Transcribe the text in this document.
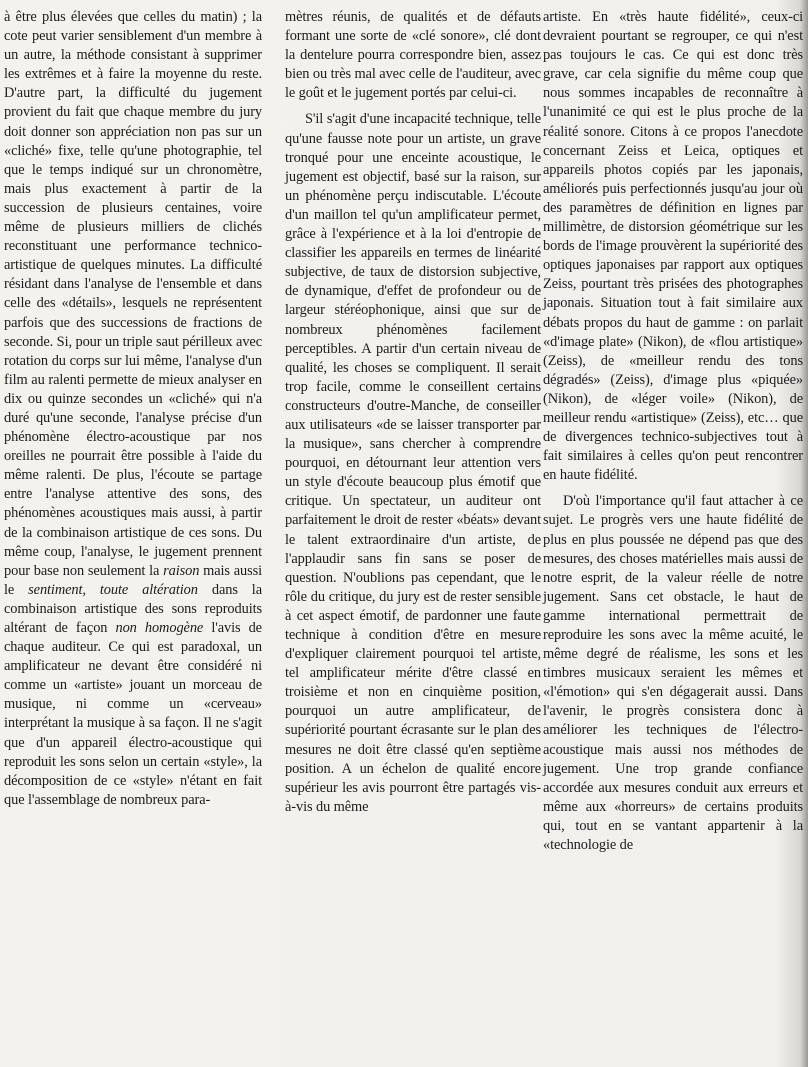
à être plus élevées que celles du matin) ; la cote peut varier sensiblement d'un membre à un autre, la méthode consistant à supprimer les extrêmes et à faire la moyenne du reste. D'autre part, la difficulté du jugement provient du fait que chaque membre du jury doit donner son appréciation non pas sur un «cliché» fixe, telle qu'une photographie, tel que le temps indiqué sur un chronomètre, mais plus exactement à partir de la succession de plusieurs centaines, voire même de plusieurs milliers de clichés reconstituant une performance technico-artistique de quelques minutes. La difficulté résidant dans l'analyse de l'ensemble et dans celle des «détails», lesquels ne représentent parfois que des successions de fractions de seconde. Si, pour un triple saut périlleux avec rotation du corps sur lui même, l'analyse d'un film au ralenti permette de mieux analyser en dix ou quinze secondes un «cliché» qui n'a duré qu'une seconde, l'analyse précise d'un phénomène électro-acoustique par nos oreilles ne pourrait être possible à l'aide du même ralenti. De plus, l'écoute se partage entre l'analyse attentive des sons, des phénomènes acoustiques mais aussi, à partir de la combinaison artistique de ces sons. Du même coup, l'analyse, le jugement prennent pour base non seulement la raison mais aussi le sentiment, toute altération dans la combinaison artistique des sons reproduits altérant de façon non homogène l'avis de chaque auditeur. Ce qui est paradoxal, un amplificateur ne devant être considéré ni comme un «artiste» jouant un morceau de musique, ni comme un «cerveau» interprétant la musique à sa façon. Il ne s'agit que d'un appareil électro-acoustique qui reproduit les sons selon un certain «style», la décomposition de ce «style» n'étant en fait que l'assemblage de nombreux para-

mètres réunis, de qualités et de défauts formant une sorte de «clé sonore», clé dont la dentelure pourra correspondre bien, assez bien ou très mal avec celle de l'auditeur, avec le goût et le jugement portés par celui-ci.

S'il s'agit d'une incapacité technique, telle qu'une fausse note pour un artiste, un grave tronqué pour une enceinte acoustique, le jugement est objectif, basé sur la raison, sur un phénomène perçu indiscutable. L'écoute d'un maillon tel qu'un amplificateur permet, grâce à l'expérience et à la loi d'entropie de classifier les appareils en termes de linéarité subjective, de taux de distorsion subjective, de dynamique, d'effet de profondeur ou de largeur stéréophonique, ainsi que sur de nombreux phénomènes facilement perceptibles. A partir d'un certain niveau de qualité, les choses se compliquent. Il serait trop facile, comme le conseillent certains constructeurs d'outre-Manche, de conseiller aux utilisateurs «de se laisser transporter par la musique», sans chercher à comprendre pourquoi, en détournant leur attention vers un style d'écoute beaucoup plus émotif que critique. Un spectateur, un auditeur ont parfaitement le droit de rester «béats» devant le talent extraordinaire d'un artiste, de l'applaudir sans fin sans se poser de question. N'oublions pas cependant, que le rôle du critique, du jury est de rester sensible à cet aspect émotif, de pardonner une faute technique à condition d'être en mesure d'expliquer clairement pourquoi tel artiste, tel amplificateur mérite d'être classé en troisième et non en cinquième position, pourquoi un autre amplificateur, de supériorité pourtant écrasante sur le plan des mesures ne doit être classé qu'en septième position. A un échelon de qualité encore supérieur les avis pourront être partagés vis-à-vis du même

artiste. En «très haute fidélité», ceux-ci devraient pourtant se regrouper, ce qui n'est pas toujours le cas. Ce qui est donc très grave, car cela signifie du même coup que nous sommes incapables de reconnaître à l'unanimité ce qui est le plus proche de la réalité sonore. Citons à ce propos l'anecdote concernant Zeiss et Leica, optiques et appareils photos copiés par les japonais, améliorés puis perfectionnés jusqu'au jour où des paramètres de définition en lignes par millimètre, de distorsion géométrique sur les bords de l'image prouvèrent la supériorité des optiques japonaises par rapport aux optiques Zeiss, pourtant très prisées des photographes japonais. Situation tout à fait similaire aux débats propos du haut de gamme : on parlait «d'image plate» (Nikon), de «flou artistique» (Zeiss), de «meilleur rendu des tons dégradés» (Zeiss), d'image plus «piquée» (Nikon), de «léger voile» (Nikon), de meilleur rendu «artistique» (Zeiss), etc… que de divergences technico-subjectives tout à fait similaires à celles qu'on peut rencontrer en haute fidélité.

D'où l'importance qu'il faut attacher à ce sujet. Le progrès vers une haute fidélité de plus en plus poussée ne dépend pas que des mesures, des choses matérielles mais aussi de notre esprit, de la valeur réelle de notre jugement. Sans cet obstacle, le haut de gamme international permettrait de reproduire les sons avec la même acuité, le même degré de réalisme, les sons et les timbres musicaux seraient les mêmes et «l'émotion» qui s'en dégagerait aussi. Dans l'avenir, le progrès consistera donc à améliorer les techniques de l'électro-acoustique mais aussi nos méthodes de jugement. Une trop grande confiance accordée aux mesures conduit aux erreurs et même aux «horreurs» de certains produits qui, tout en se vantant appartenir à la «technologie de
